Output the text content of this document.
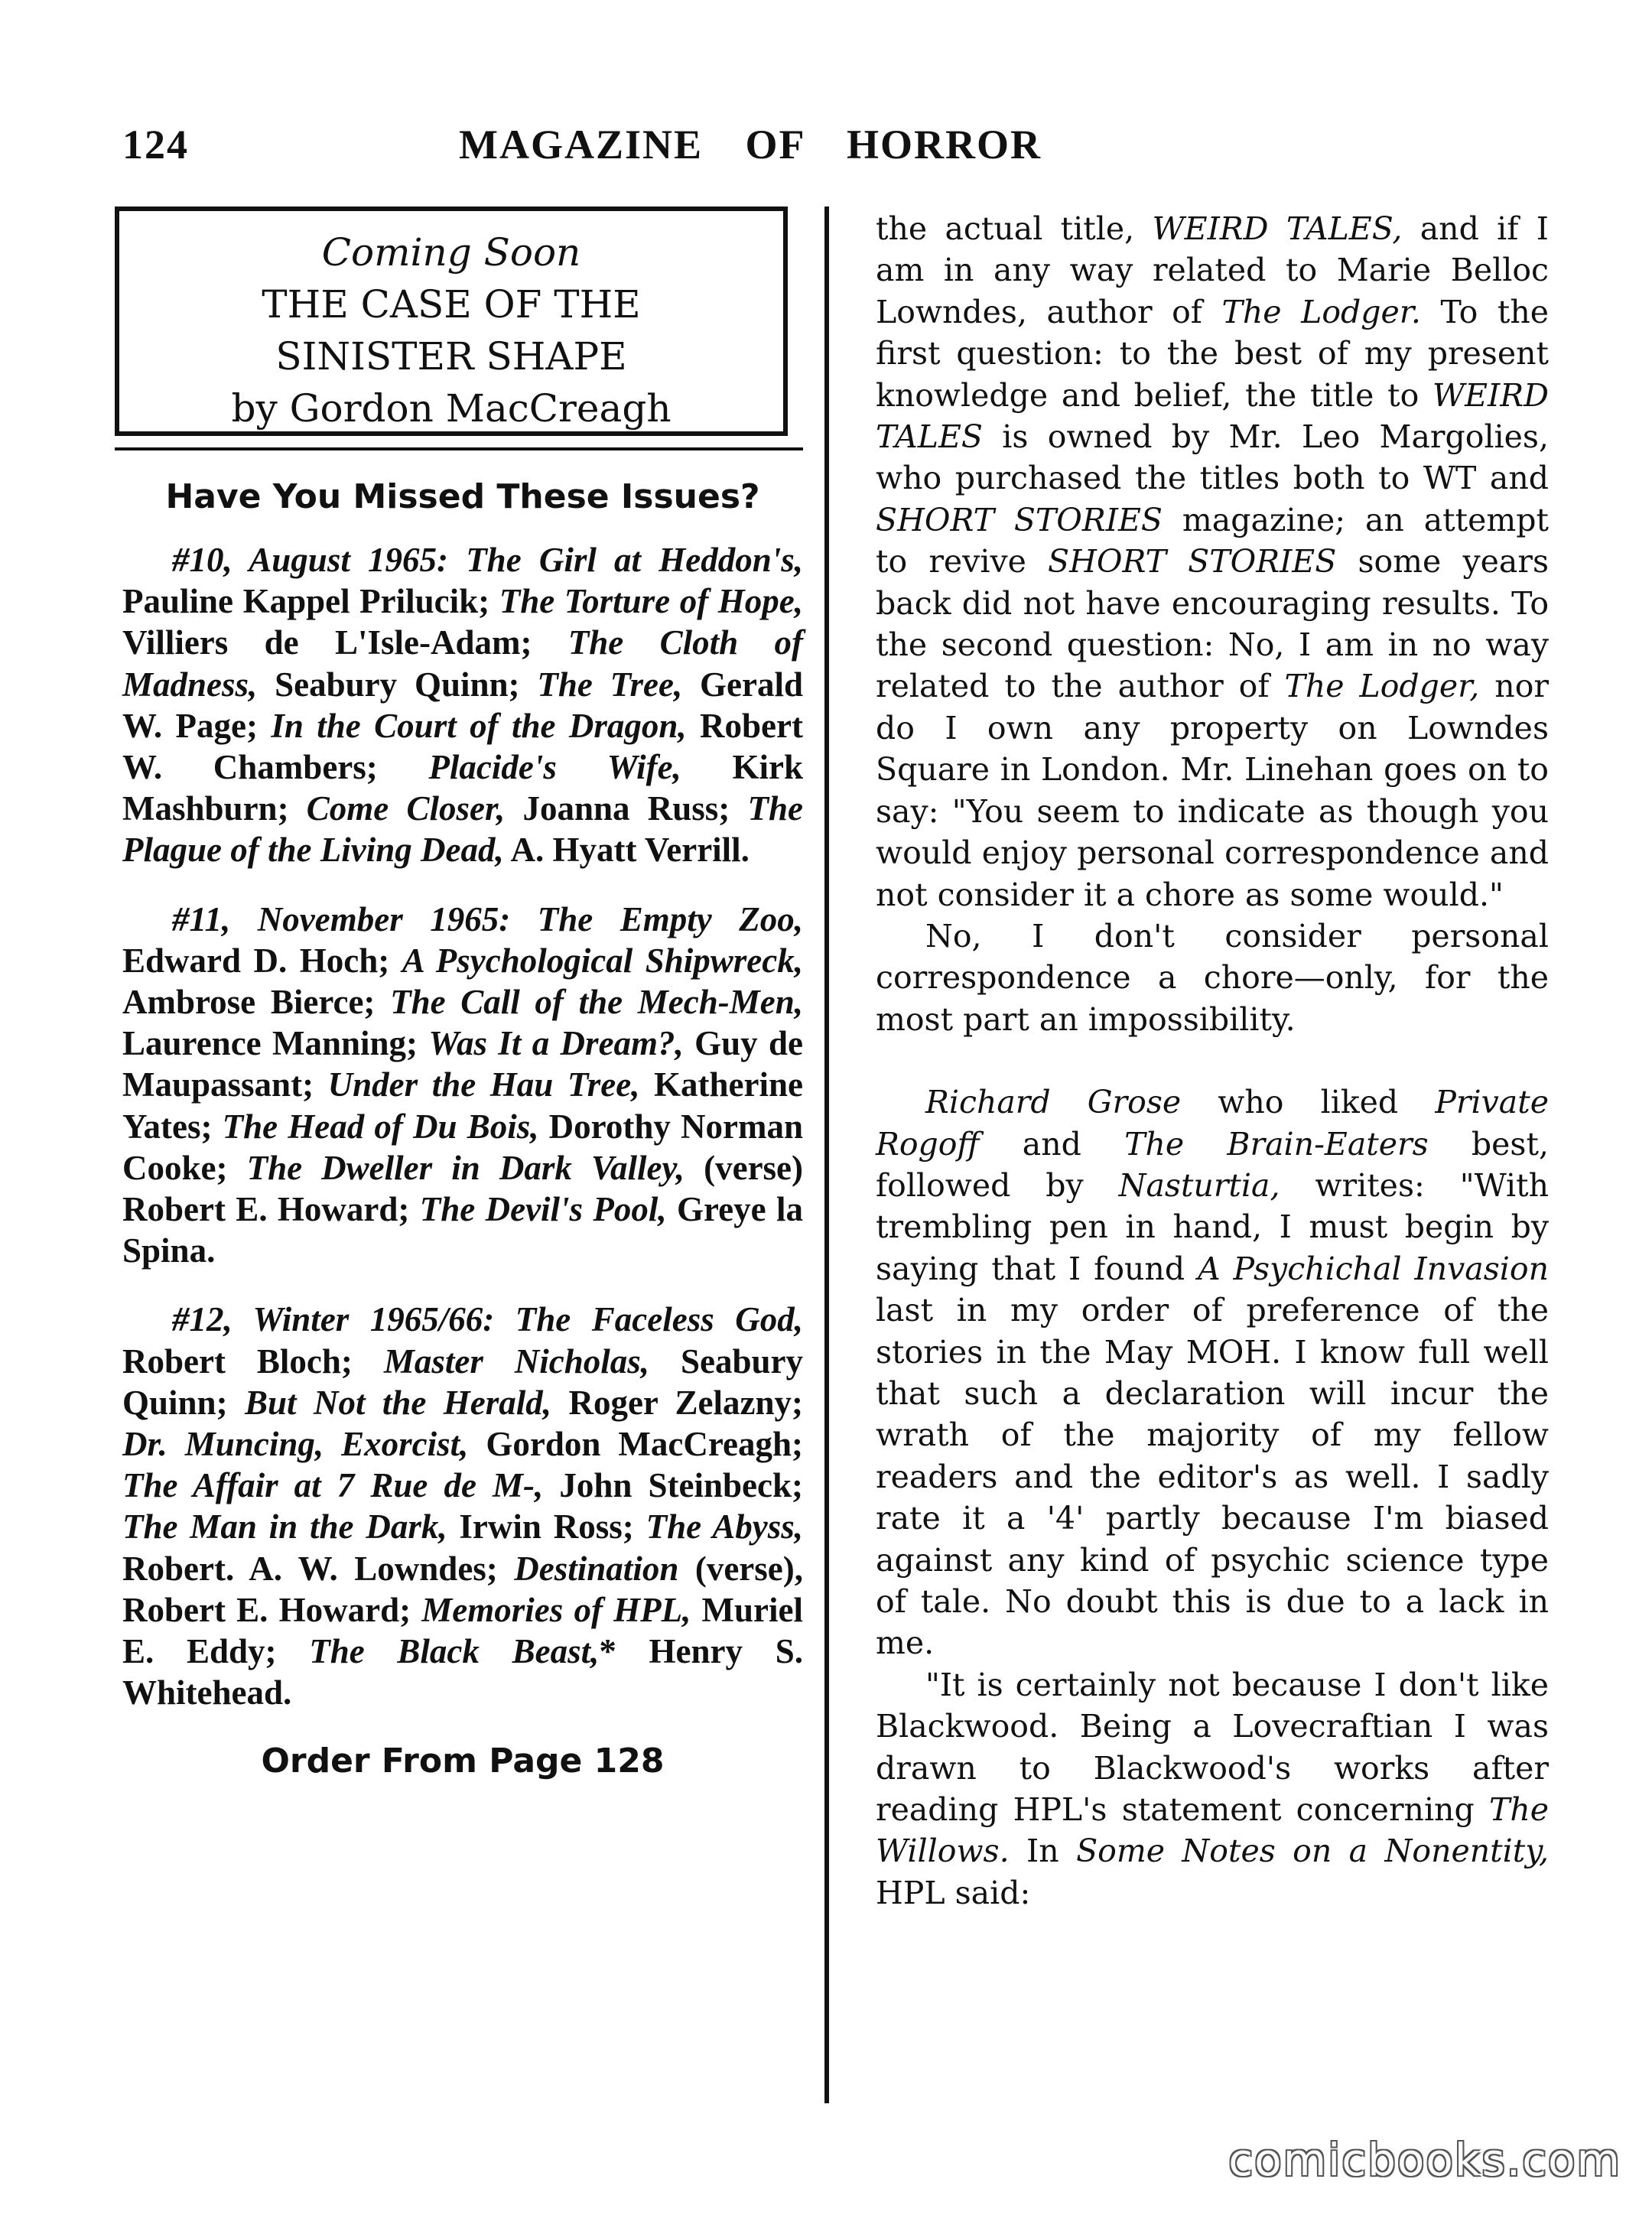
124	MAGAZINE OF HORROR
Coming Soon
THE CASE OF THE
SINISTER SHAPE
by Gordon MacCreagh
Have You Missed These Issues?

#10, August 1965: The Girl at Heddon's, Pauline Kappel Prilucik; The Torture of Hope, Villiers de L'Isle-Adam; The Cloth of Madness, Seabury Quinn; The Tree, Gerald W. Page; In the Court of the Dragon, Robert W. Chambers; Placide's Wife, Kirk Mashburn; Come Closer, Joanna Russ; The Plague of the Living Dead, A. Hyatt Verrill.

#11, November 1965: The Empty Zoo, Edward D. Hoch; A Psychological Shipwreck, Ambrose Bierce; The Call of the Mech-Men, Laurence Manning; Was It a Dream?, Guy de Maupassant; Under the Hau Tree, Katherine Yates; The Head of Du Bois, Dorothy Norman Cooke; The Dweller in Dark Valley, (verse) Robert E. Howard; The Devil's Pool, Greye la Spina.

#12, Winter 1965/66: The Faceless God, Robert Bloch; Master Nicholas, Seabury Quinn; But Not the Herald, Roger Zelazny; Dr. Muncing, Exorcist, Gordon MacCreagh; The Affair at 7 Rue de M-, John Steinbeck; The Man in the Dark, Irwin Ross; The Abyss, Robert. A. W. Lowndes; Destination (verse), Robert E. Howard; Memories of HPL, Muriel E. Eddy; The Black Beast,* Henry S. Whitehead.

Order From Page 128

the actual title, WEIRD TALES, and if I am in any way related to Marie Belloc Lowndes, author of The Lodger. To the first question: to the best of my present knowledge and belief, the title to WEIRD TALES is owned by Mr. Leo Margolies, who purchased the titles both to WT and SHORT STORIES magazine; an attempt to revive SHORT STORIES some years back did not have encouraging results. To the second question: No, I am in no way related to the author of The Lodger, nor do I own any property on Lowndes Square in London. Mr. Linehan goes on to say: "You seem to indicate as though you would enjoy personal correspondence and not consider it a chore as some would."

No, I don't consider personal correspondence a chore—only, for the most part an impossibility.

Richard Grose who liked Private Rogoff and The Brain-Eaters best, followed by Nasturtia, writes: "With trembling pen in hand, I must begin by saying that I found A Psychichal Invasion last in my order of preference of the stories in the May MOH. I know full well that such a declaration will incur the wrath of the majority of my fellow readers and the editor's as well. I sadly rate it a '4' partly because I'm biased against any kind of psychic science type of tale. No doubt this is due to a lack in me.

"It is certainly not because I don't like Blackwood. Being a Lovecraftian I was drawn to Blackwood's works after reading HPL's statement concerning The Willows. In Some Notes on a Nonentity, HPL said:

comicbooks.com
